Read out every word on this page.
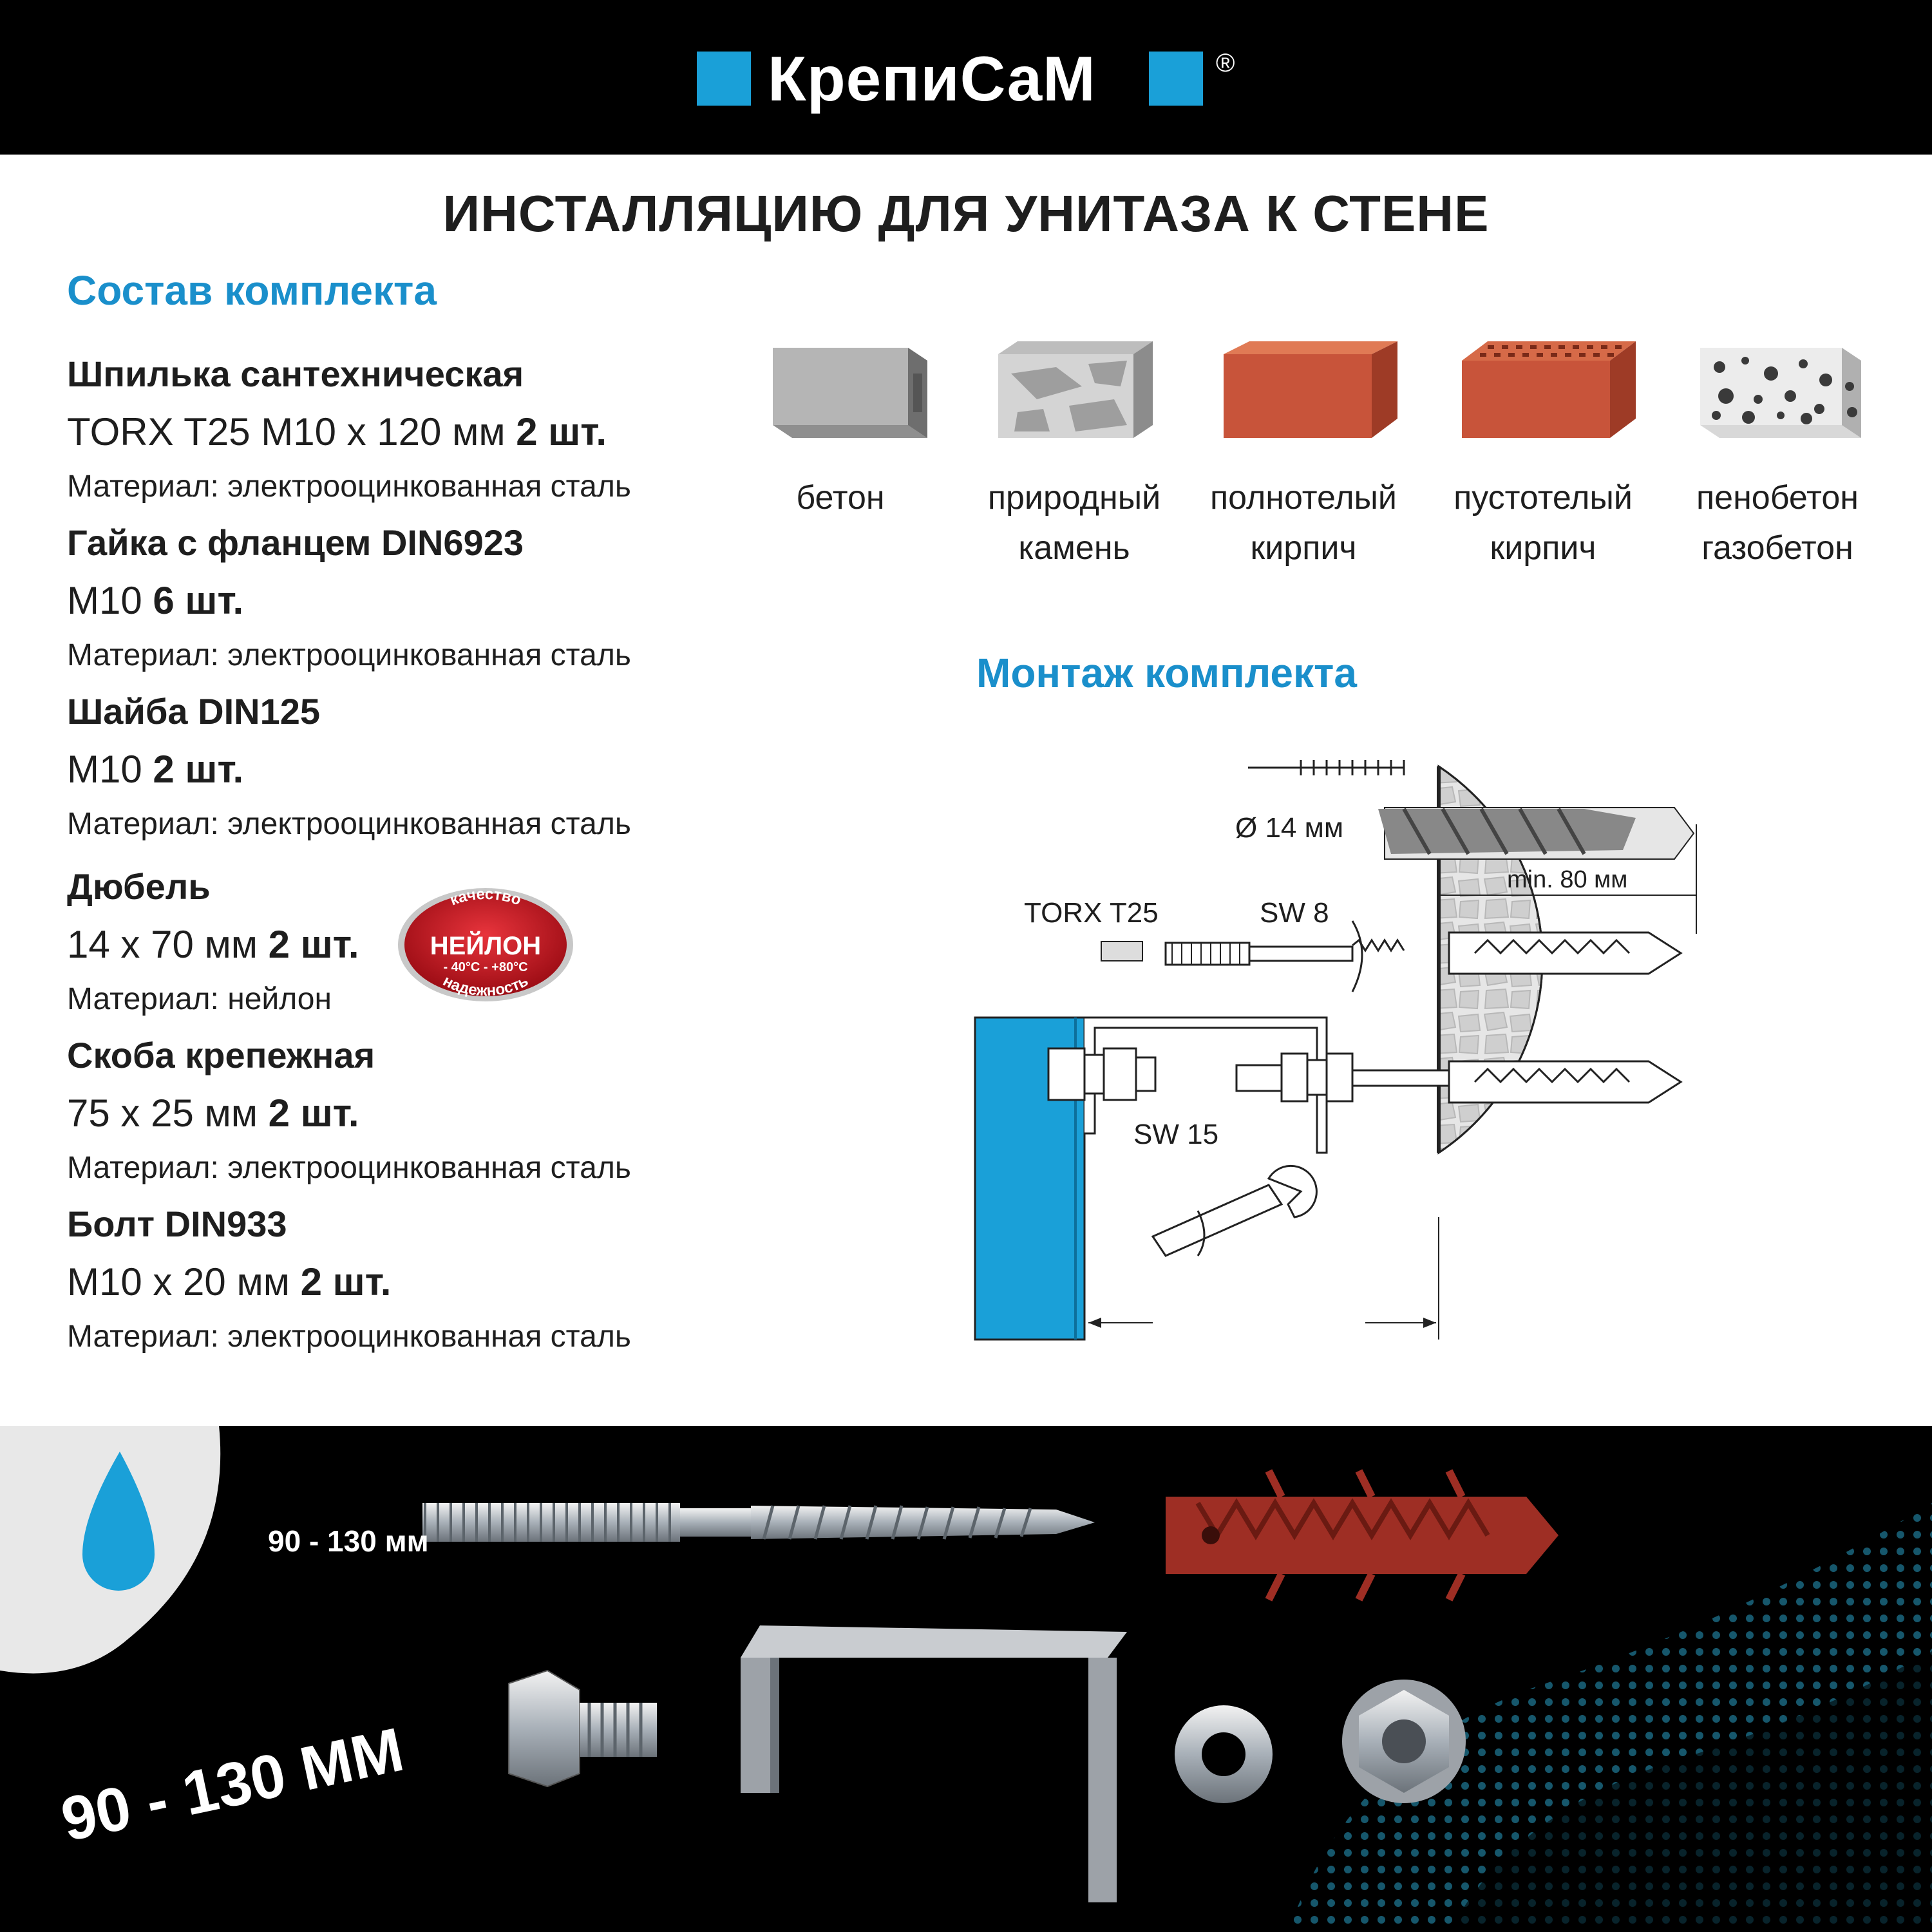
КрепиСаМ	®
ИНСТАЛЛЯЦИЮ ДЛЯ УНИТАЗА К СТЕНЕ
Состав комплекта
Шпилька сантехническая
TORX T25 M10 x 120 мм 2 шт.
Материал: электрооцинкованная сталь
Гайка с фланцем DIN6923
M10 6 шт.
Материал: электрооцинкованная сталь
Шайба DIN125
M10 2 шт.
Материал: электрооцинкованная сталь
Дюбель
14 x 70 мм 2 шт.
Материал: нейлон
Скоба крепежная
75 x 25 мм 2 шт.
Материал: электрооцинкованная сталь
Болт DIN933
M10 x 20 мм 2 шт.
Материал: электрооцинкованная сталь
качество
НЕЙЛОН
- 40°C - +80°C
надежность
бетон	природный
камень
полнотелый
кирпич
пустотелый
кирпич
пенобетон
газобетон
Монтаж комплекта
Ø 14 мм
min. 80 мм
TORX T25	SW 8
SW 15
90 - 130 мм
90 - 130 ММ
